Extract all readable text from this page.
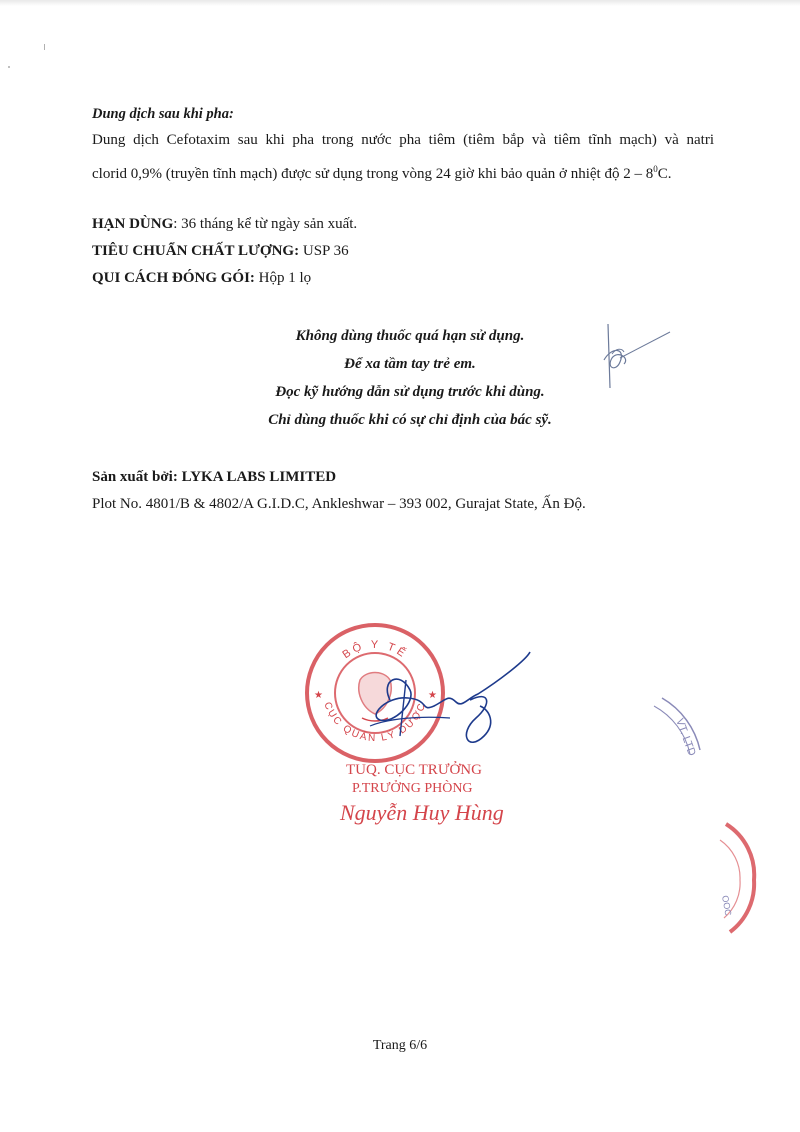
Dung dịch sau khi pha:
Dung dịch Cefotaxim sau khi pha trong nước pha tiêm (tiêm bắp và tiêm tĩnh mạch) và natri
clorid 0,9% (truyền tĩnh mạch) được sử dụng trong vòng 24 giờ khi bảo quản ở nhiệt độ $2 - 8^0C$.
HẠN DÙNG: 36 tháng kể từ ngày sản xuất.
TIÊU CHUẨN CHẤT LƯỢNG: USP 36
QUI CÁCH ĐÓNG GÓI: Hộp 1 lọ
Không dùng thuốc quá hạn sử dụng.
Để xa tầm tay trẻ em.
Đọc kỹ hướng dẫn sử dụng trước khi dùng.
Chỉ dùng thuốc khi có sự chỉ định của bác sỹ.
Sản xuất bởi: LYKA LABS LIMITED
Plot No. 4801/B & 4802/A G.I.D.C, Ankleshwar – 393 002, Gurajat State, Ấn Độ.
BỘ Y TẾ
CỤC QUẢN LÝ DƯỢC
★	★
TUQ. CỤC TRƯỞNG
P.TRƯỞNG PHÒNG
Nguyễn Huy Hùng
VT. LTD
OOC
Trang 6/6
